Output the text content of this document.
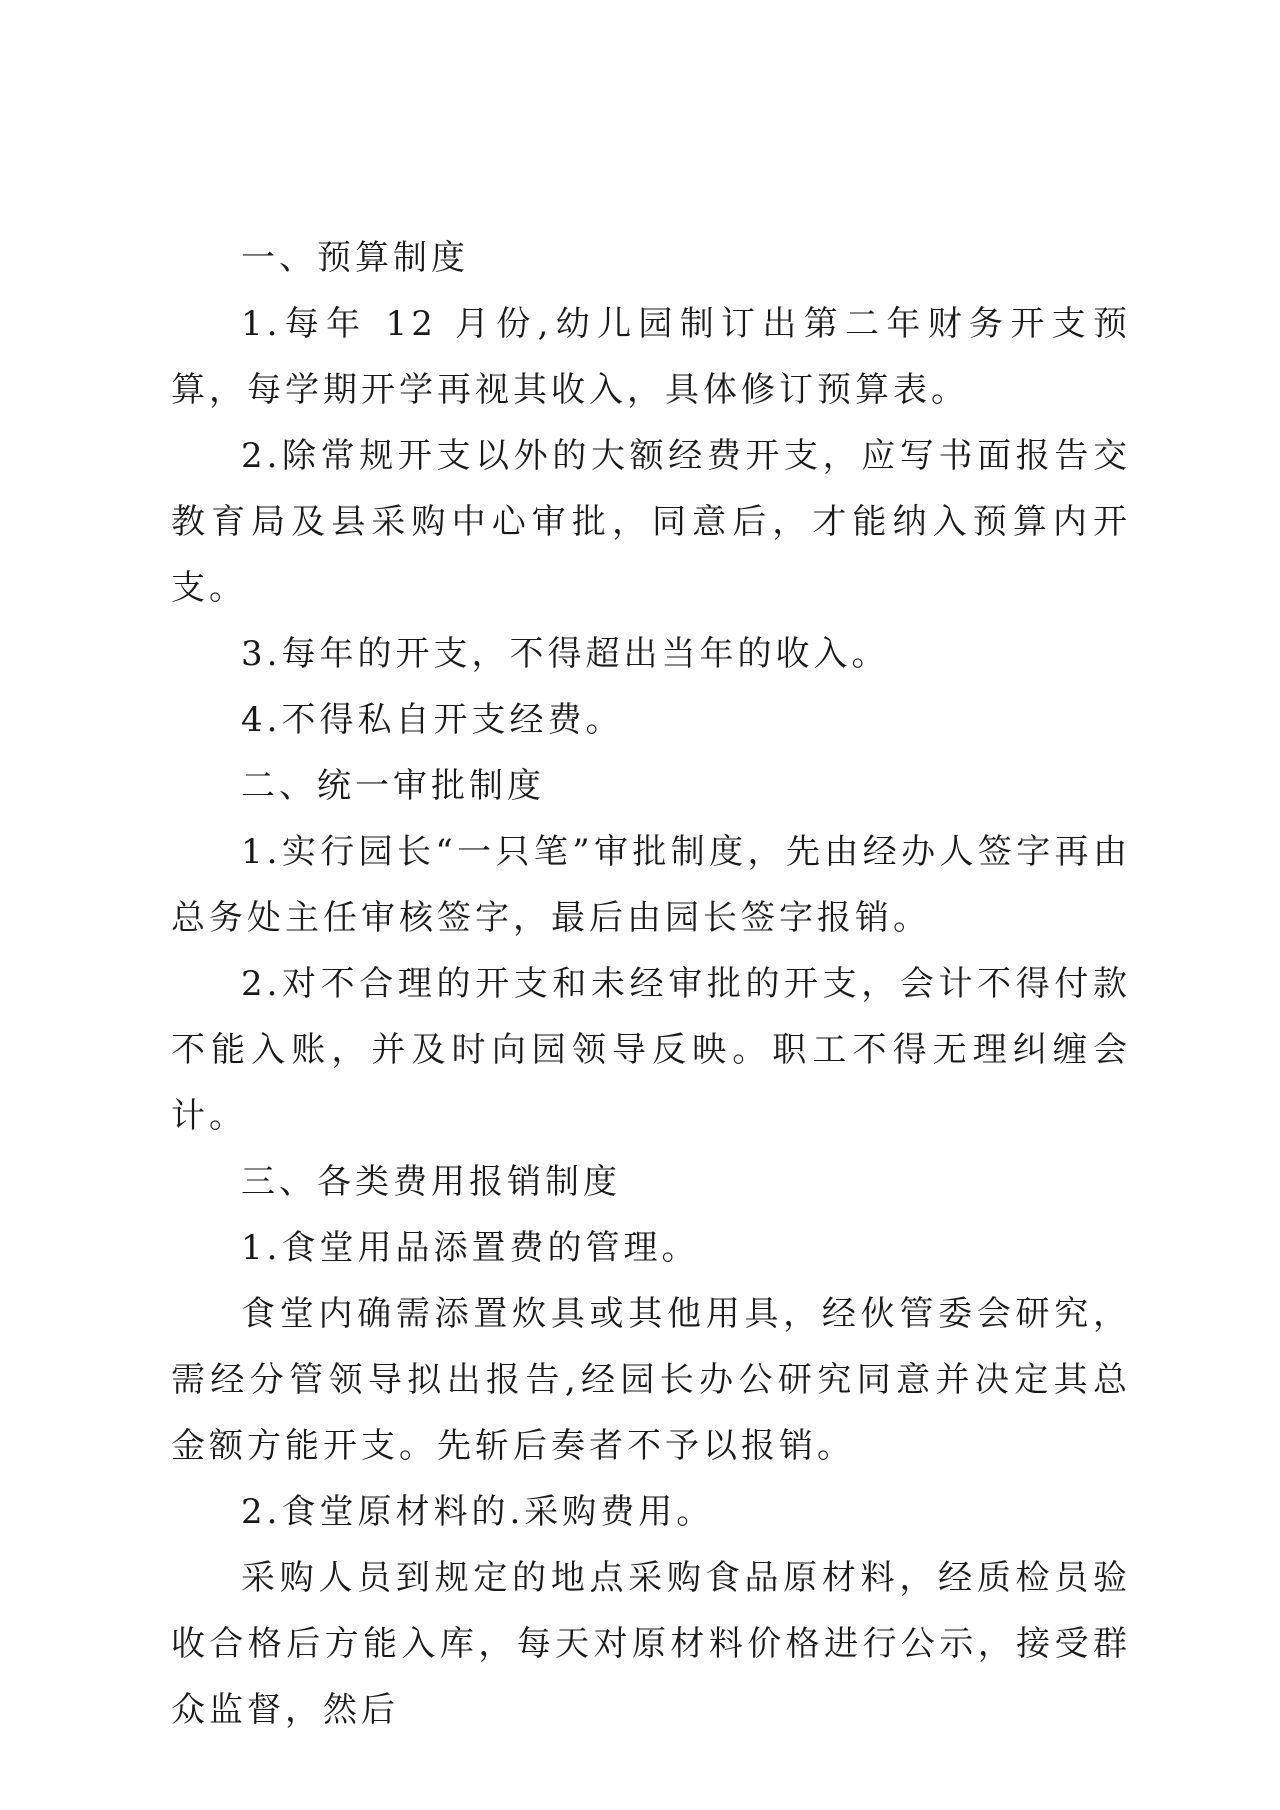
一、预算制度

1.每年 12 月份,幼儿园制订出第二年财务开支预算，每学期开学再视其收入，具体修订预算表。

2.除常规开支以外的大额经费开支，应写书面报告交教育局及县采购中心审批，同意后，才能纳入预算内开支。

3.每年的开支，不得超出当年的收入。

4.不得私自开支经费。

二、统一审批制度

1.实行园长“一只笔”审批制度，先由经办人签字再由总务处主任审核签字，最后由园长签字报销。

2.对不合理的开支和未经审批的开支，会计不得付款不能入账，并及时向园领导反映。职工不得无理纠缠会计。

三、各类费用报销制度

1.食堂用品添置费的管理。

食堂内确需添置炊具或其他用具，经伙管委会研究，需经分管领导拟出报告,经园长办公研究同意并决定其总金额方能开支。先斩后奏者不予以报销。

2.食堂原材料的.采购费用。

采购人员到规定的地点采购食品原材料，经质检员验收合格后方能入库，每天对原材料价格进行公示，接受群众监督，然后
